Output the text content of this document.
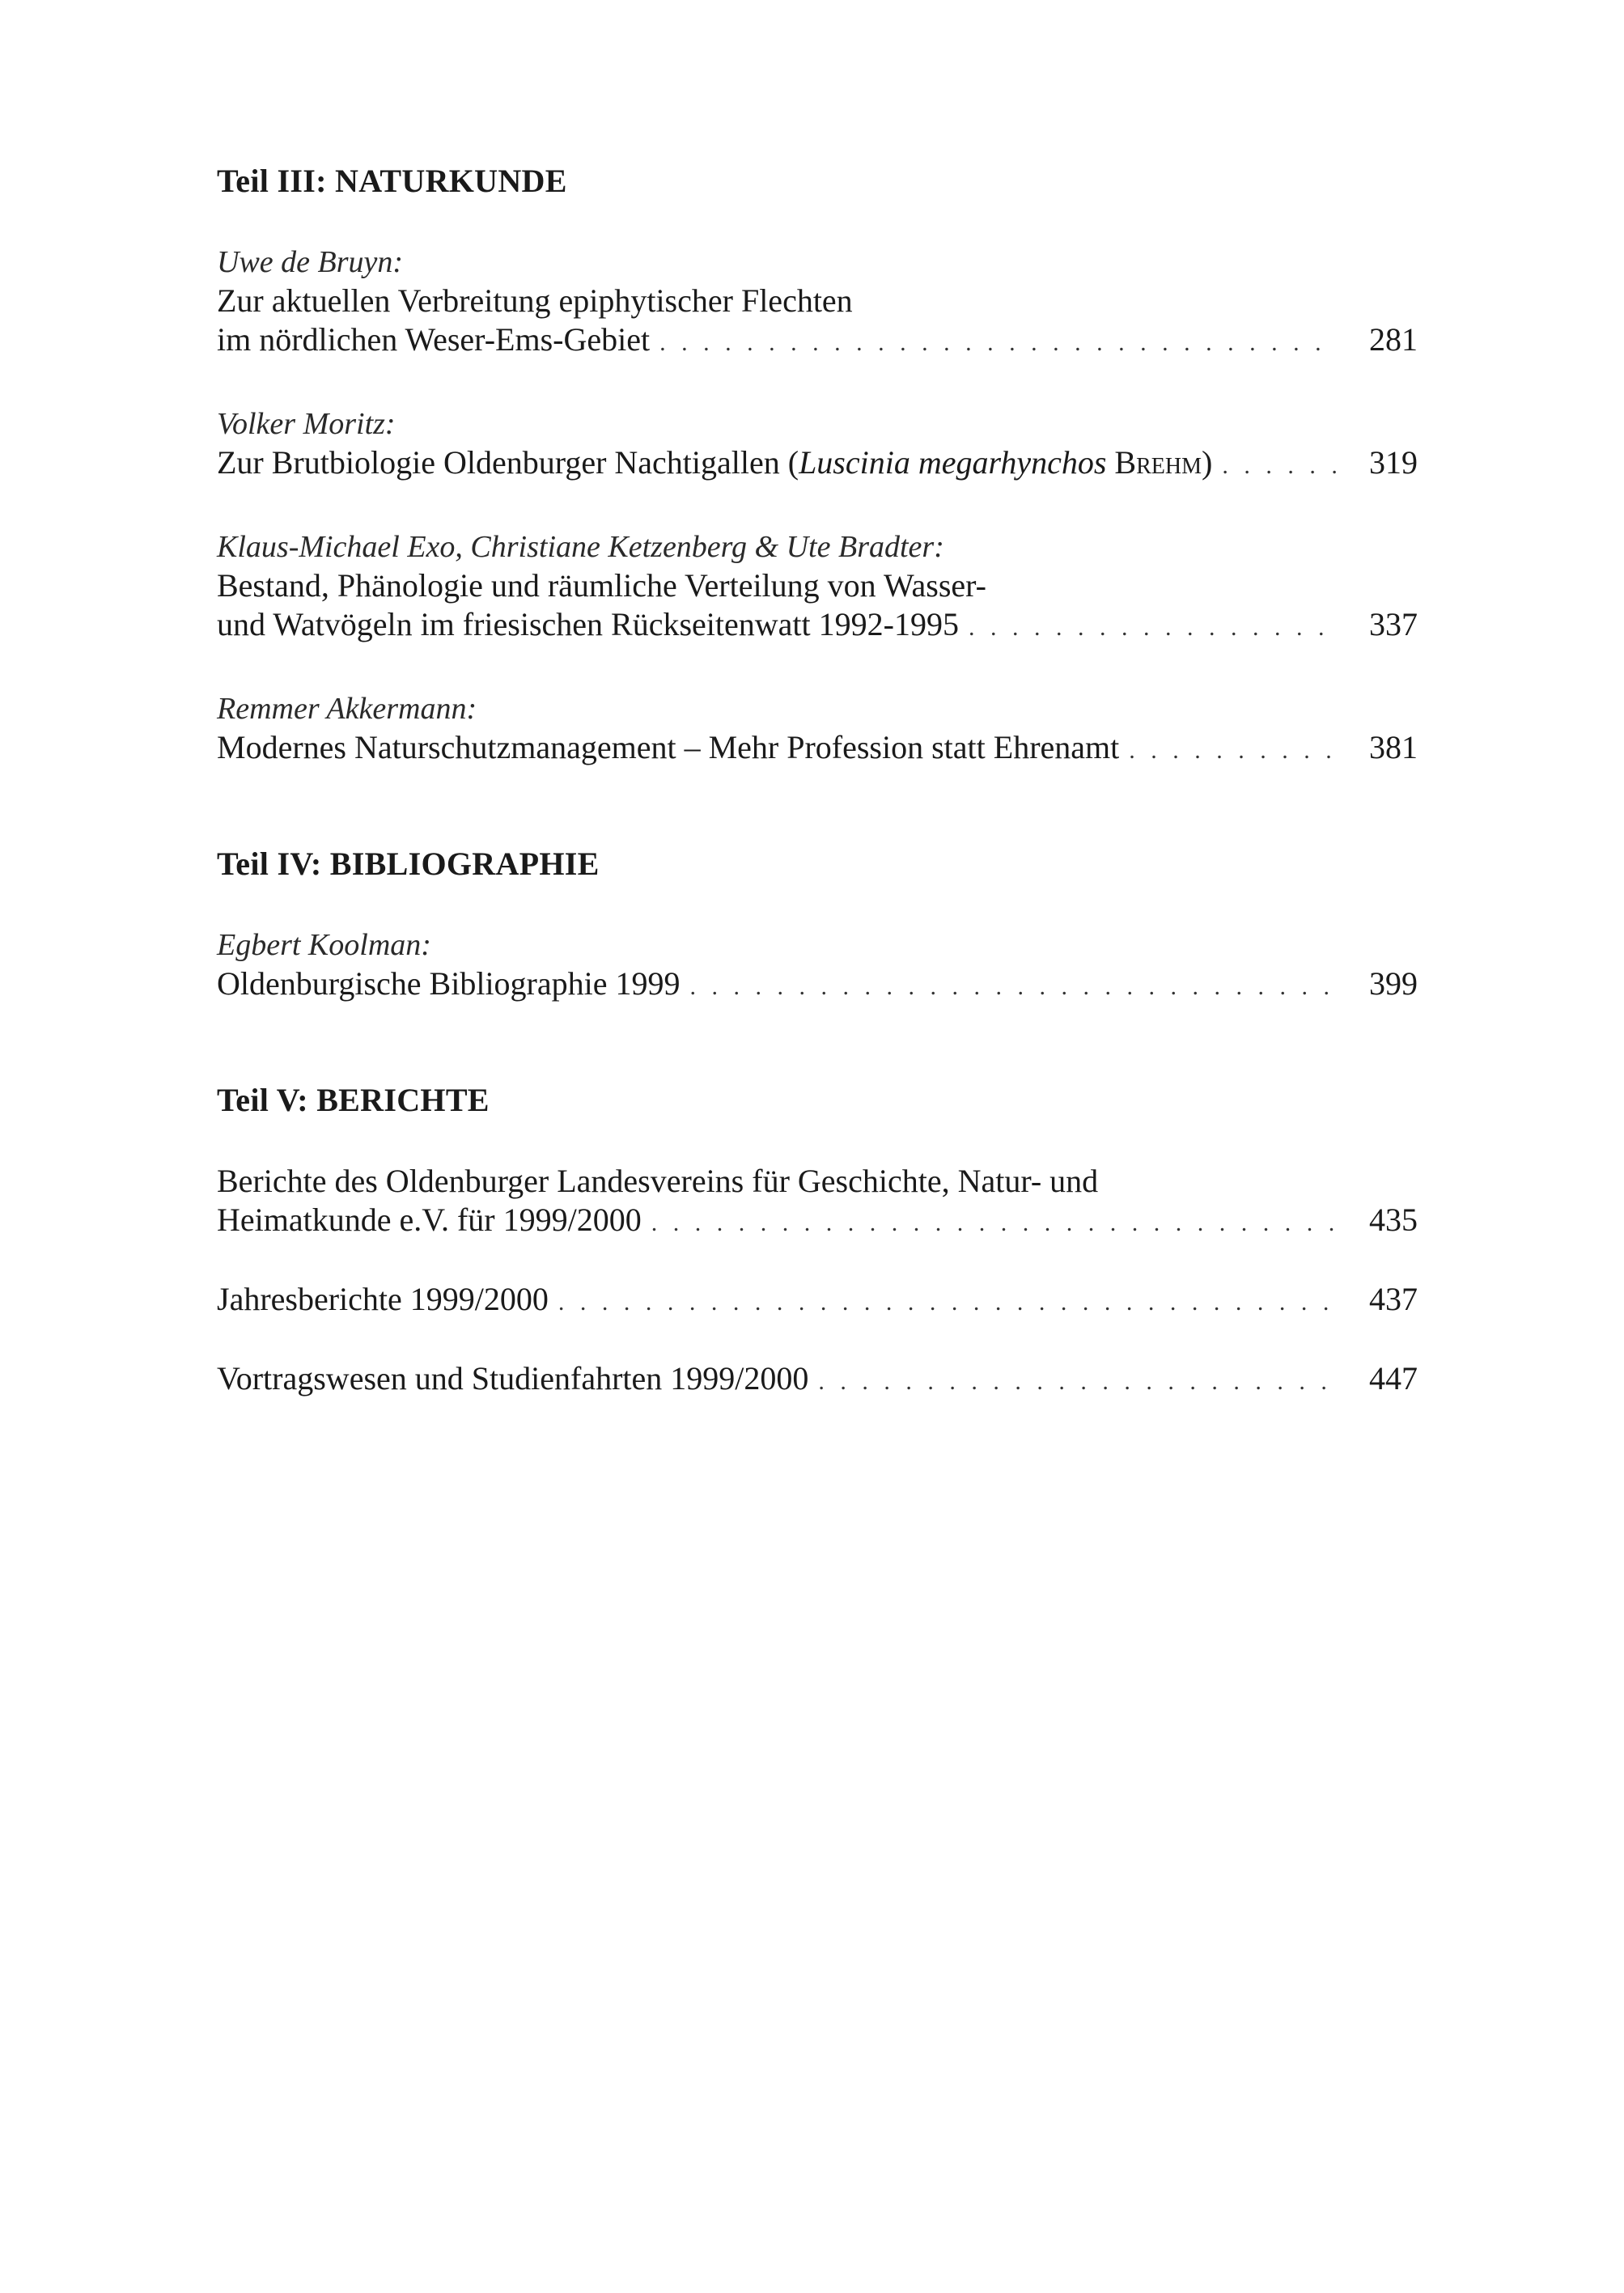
Teil III: NATURKUNDE
Uwe de Bruyn:
Zur aktuellen Verbreitung epiphytischer Flechten
im nördlichen Weser-Ems-Gebiet . . .	281
Volker Moritz:
Zur Brutbiologie Oldenburger Nachtigallen (Luscinia megarhynchos Brehm) . . .	319
Klaus-Michael Exo, Christiane Ketzenberg & Ute Bradter:
Bestand, Phänologie und räumliche Verteilung von Wasser-
und Watvögeln im friesischen Rückseitenwatt 1992-1995 . . .	337
Remmer Akkermann:
Modernes Naturschutzmanagement – Mehr Profession statt Ehrenamt . . .	381
Teil IV: BIBLIOGRAPHIE
Egbert Koolman:
Oldenburgische Bibliographie 1999 . . .	399
Teil V: BERICHTE
Berichte des Oldenburger Landesvereins für Geschichte, Natur- und
Heimatkunde e.V. für 1999/2000 . . .	435
Jahresberichte 1999/2000 . . .	437
Vortragswesen und Studienfahrten 1999/2000 . . .	447
